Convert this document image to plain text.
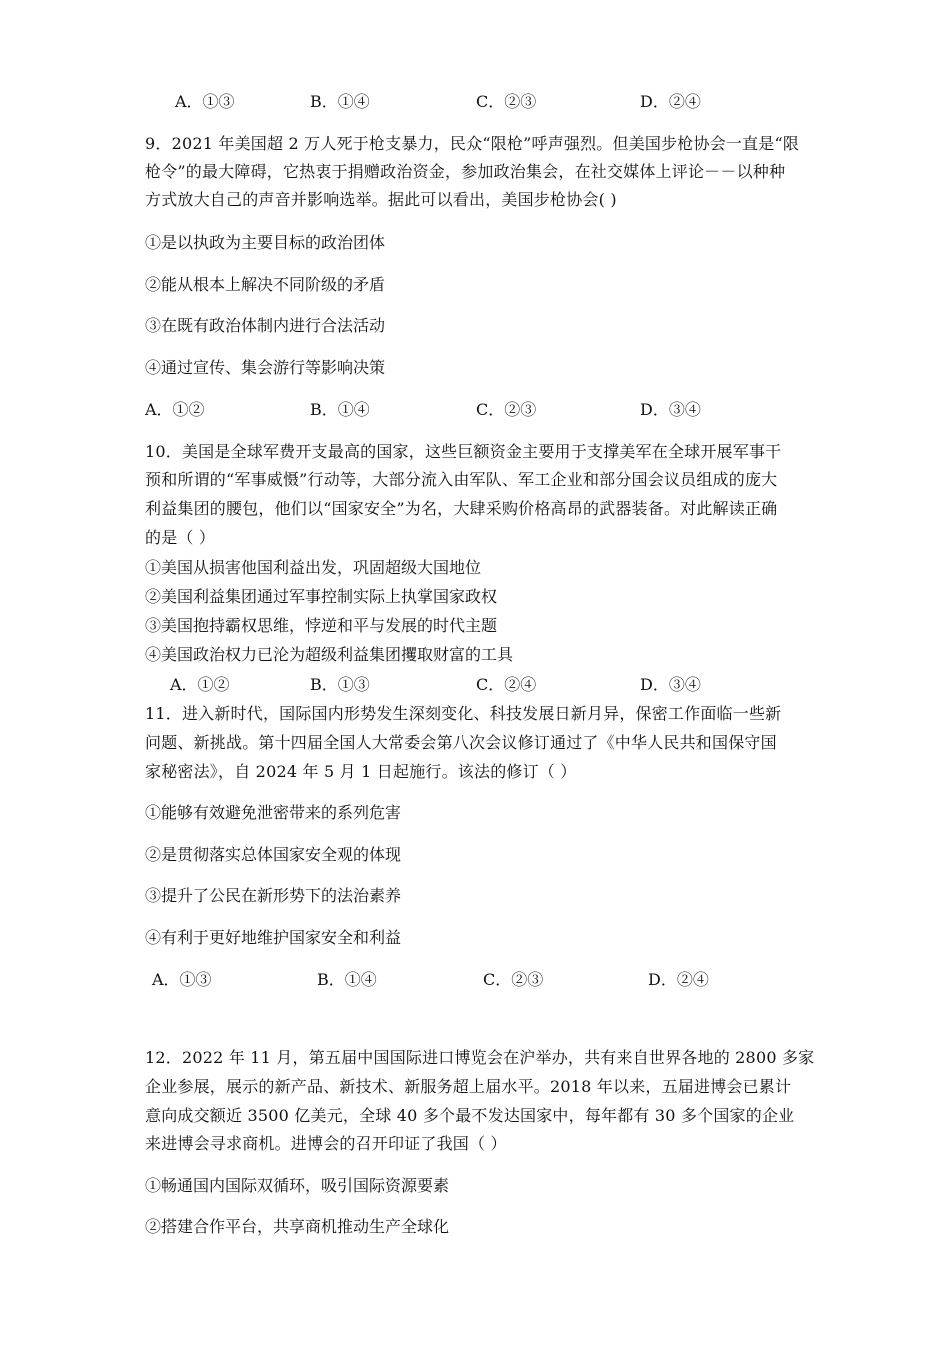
A．①③	B．①④	C．②③	D．②④
9．2021 年美国超 2 万人死于枪支暴力，民众“限枪”呼声强烈。但美国步枪协会一直是“限
枪令”的最大障碍，它热衷于捐赠政治资金，参加政治集会，在社交媒体上评论－－以种种
方式放大自己的声音并影响选举。据此可以看出，美国步枪协会( )
①是以执政为主要目标的政治团体
②能从根本上解决不同阶级的矛盾
③在既有政治体制内进行合法活动
④通过宣传、集会游行等影响决策
A．①②	B．①④	C．②③	D．③④
10．美国是全球军费开支最高的国家，这些巨额资金主要用于支撑美军在全球开展军事干
预和所谓的“军事威慑”行动等，大部分流入由军队、军工企业和部分国会议员组成的庞大
利益集团的腰包，他们以“国家安全”为名，大肆采购价格高昂的武器装备。对此解读正确
的是（ ）
①美国从损害他国利益出发，巩固超级大国地位
②美国利益集团通过军事控制实际上执掌国家政权
③美国抱持霸权思维，悖逆和平与发展的时代主题
④美国政治权力已沦为超级利益集团攫取财富的工具
A．①②	B．①③	C．②④	D．③④
11．进入新时代，国际国内形势发生深刻变化、科技发展日新月异，保密工作面临一些新
问题、新挑战。第十四届全国人大常委会第八次会议修订通过了《中华人民共和国保守国
家秘密法》，自 2024 年 5 月 1 日起施行。该法的修订（ ）
①能够有效避免泄密带来的系列危害
②是贯彻落实总体国家安全观的体现
③提升了公民在新形势下的法治素养
④有利于更好地维护国家安全和利益
A．①③	B．①④	C．②③	D．②④
12．2022 年 11 月，第五届中国国际进口博览会在沪举办，共有来自世界各地的 2800 多家
企业参展，展示的新产品、新技术、新服务超上届水平。2018 年以来，五届进博会已累计
意向成交额近 3500 亿美元，全球 40 多个最不发达国家中，每年都有 30 多个国家的企业
来进博会寻求商机。进博会的召开印证了我国（ ）
①畅通国内国际双循环，吸引国际资源要素
②搭建合作平台，共享商机推动生产全球化
